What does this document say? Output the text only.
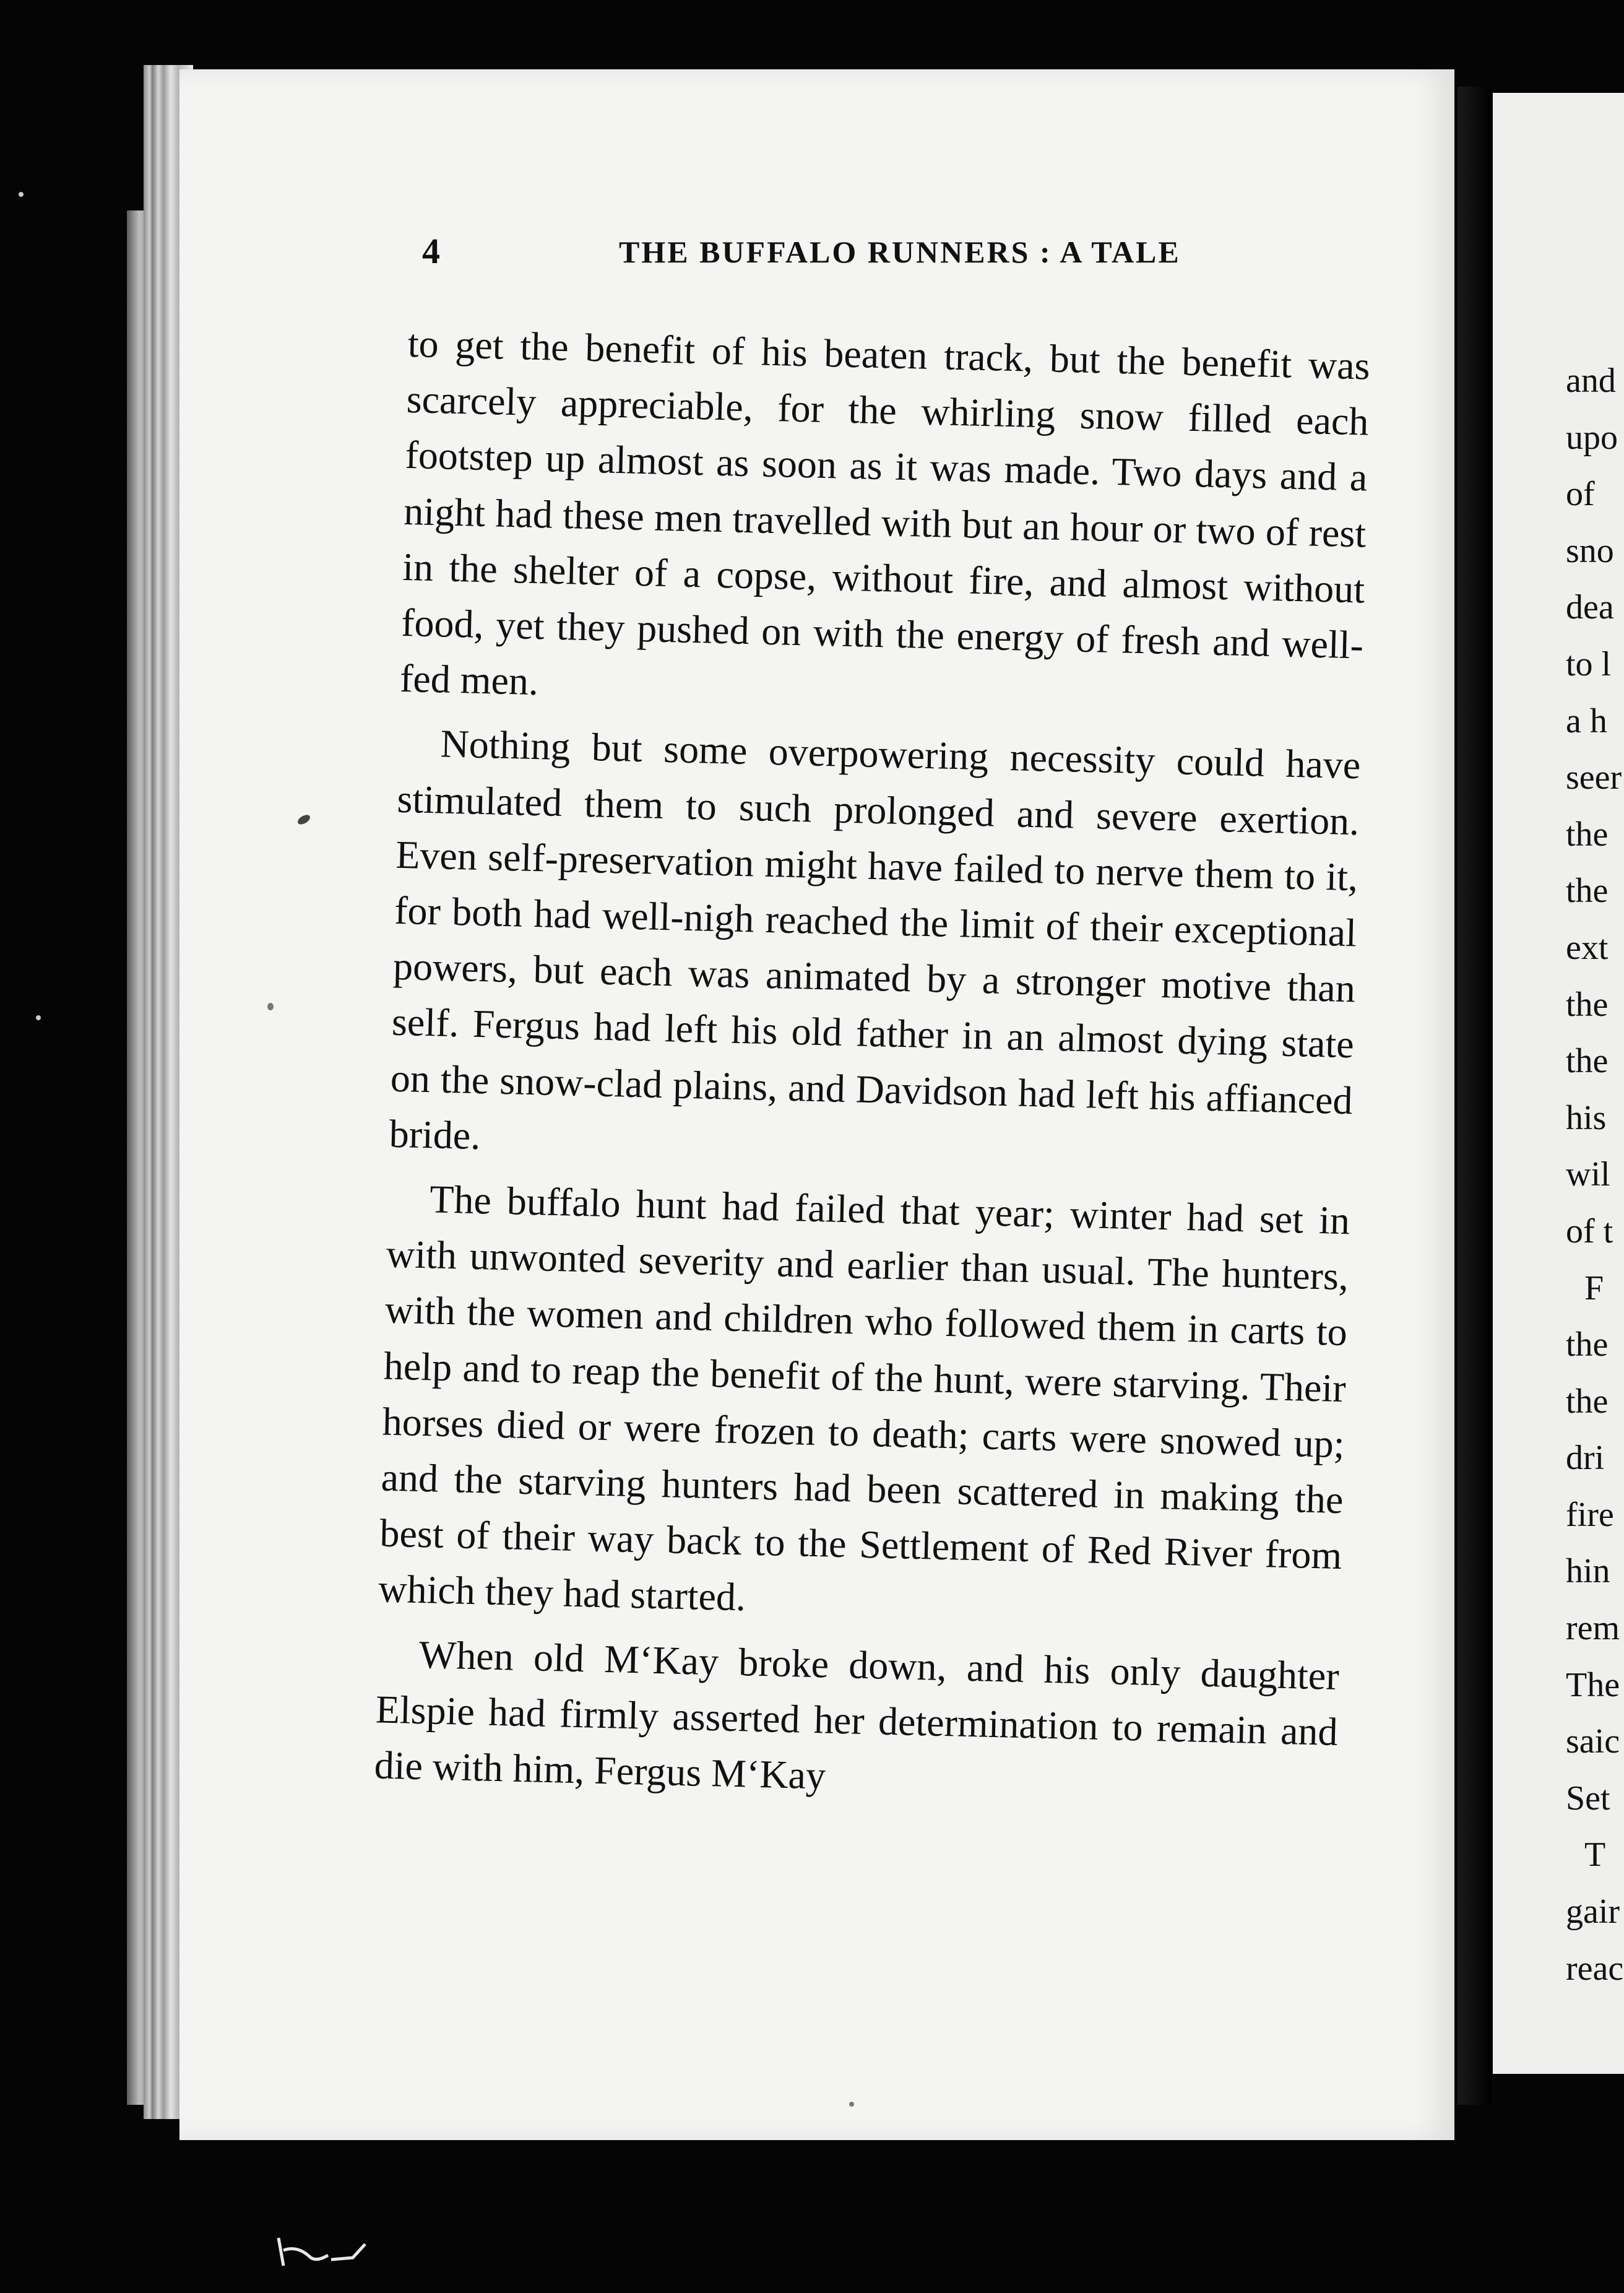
4	THE BUFFALO RUNNERS : A TALE

to get the benefit of his beaten track, but the benefit was scarcely appreciable, for the whirling snow filled each footstep up almost as soon as it was made. Two days and a night had these men travelled with but an hour or two of rest in the shelter of a copse, without fire, and almost without food, yet they pushed on with the energy of fresh and well-fed men.

Nothing but some overpowering necessity could have stimulated them to such prolonged and severe exertion. Even self-preservation might have failed to nerve them to it, for both had well-nigh reached the limit of their exceptional powers, but each was animated by a stronger motive than self. Fergus had left his old father in an almost dying state on the snow-clad plains, and Davidson had left his affianced bride.

The buffalo hunt had failed that year; winter had set in with unwonted severity and earlier than usual. The hunters, with the women and children who followed them in carts to help and to reap the benefit of the hunt, were starving. Their horses died or were frozen to death; carts were snowed up; and the starving hunters had been scattered in making the best of their way back to the Settlement of Red River from which they had started.

When old M‘Kay broke down, and his only daughter Elspie had firmly asserted her determination to remain and die with him, Fergus M‘Kay

and
upo
of
sno
dea
to l
a h
seer
the
the
ext
the
the
his
wil
of t
F
the
the
dri
fire
hin
rem
The
saic
Set
T
gair
reac
